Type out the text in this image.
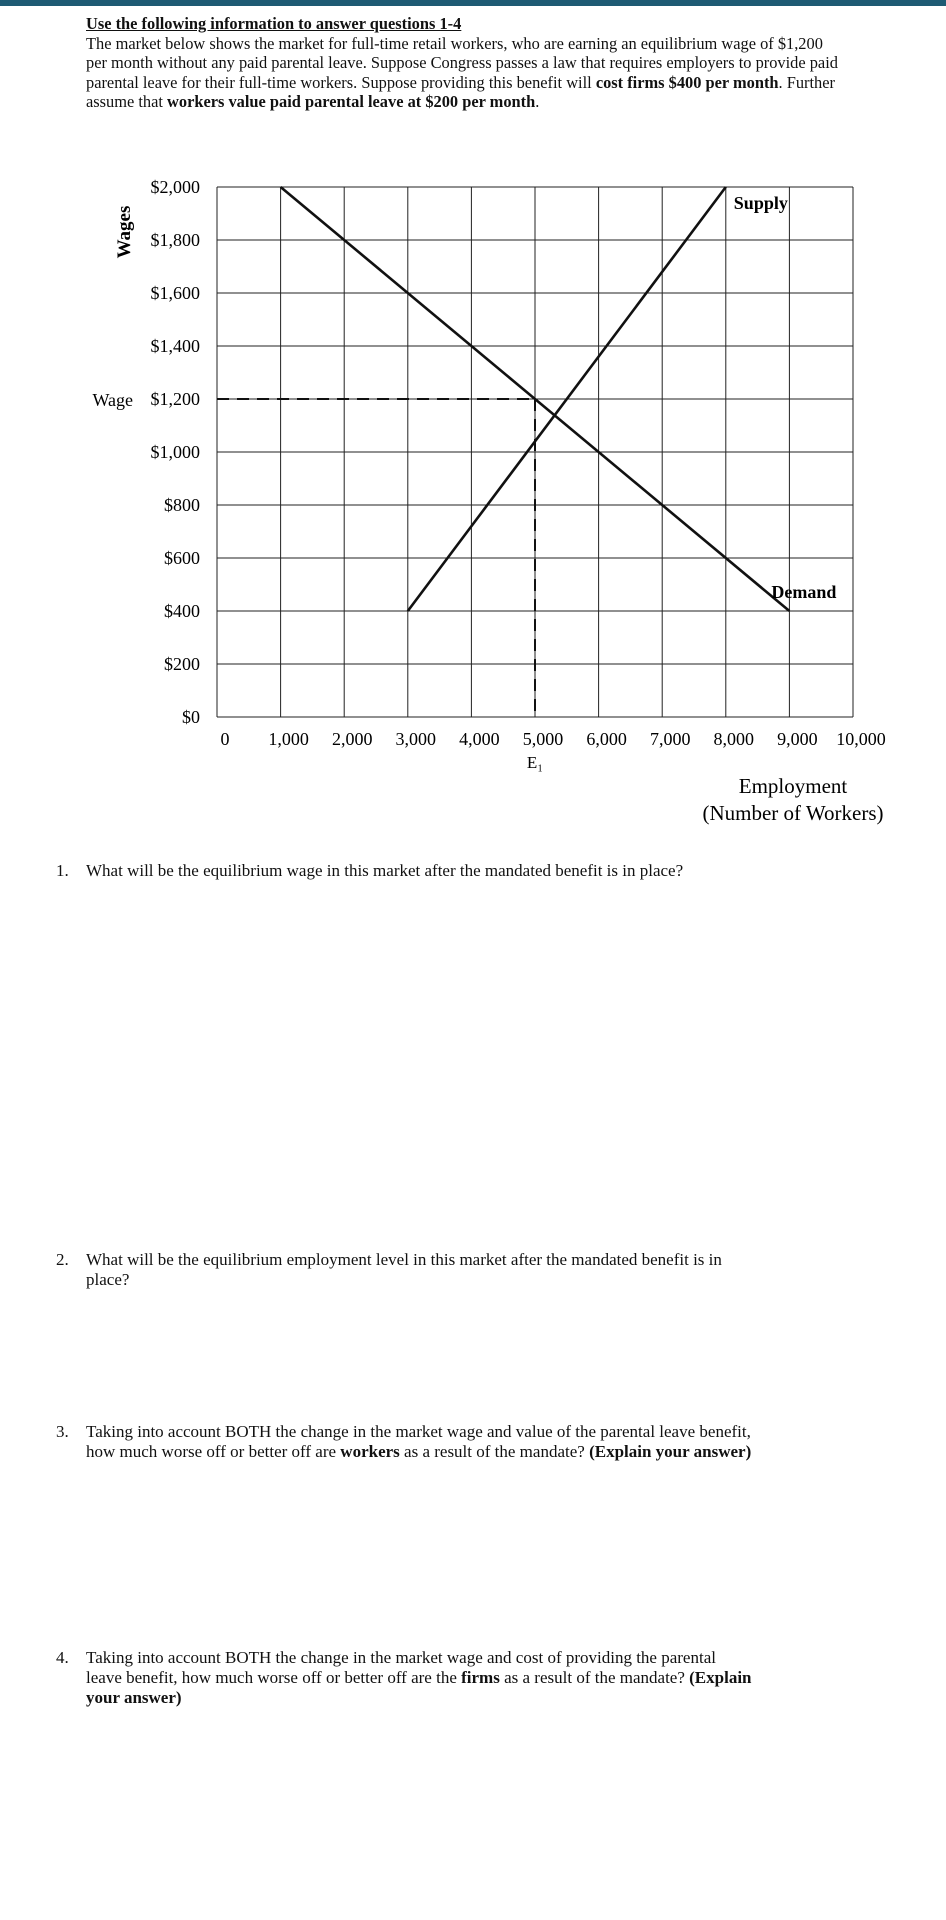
Use the following information to answer questions 1-4
The market below shows the market for full-time retail workers, who are earning an equilibrium wage of $1,200 per month without any paid parental leave. Suppose Congress passes a law that requires employers to provide paid parental leave for their full-time workers. Suppose providing this benefit will cost firms $400 per month. Further assume that workers value paid parental leave at $200 per month.
$0
$200
$400
$600
$800
$1,000
$1,200
$1,400
$1,600
$1,800
$2,000
0 1,000 2,000 3,000 4,000 5,000 6,000 7,000 8,000 9,000 10,000
Wages
Wage
E₁
Supply
Demand
Employment
(Number of Workers)
1. What will be the equilibrium wage in this market after the mandated benefit is in place?
2. What will be the equilibrium employment level in this market after the mandated benefit is in
place?
3. Taking into account BOTH the change in the market wage and value of the parental leave benefit,
how much worse off or better off are workers as a result of the mandate? (Explain your answer)
4. Taking into account BOTH the change in the market wage and cost of providing the parental
leave benefit, how much worse off or better off are the firms as a result of the mandate? (Explain
your answer)
